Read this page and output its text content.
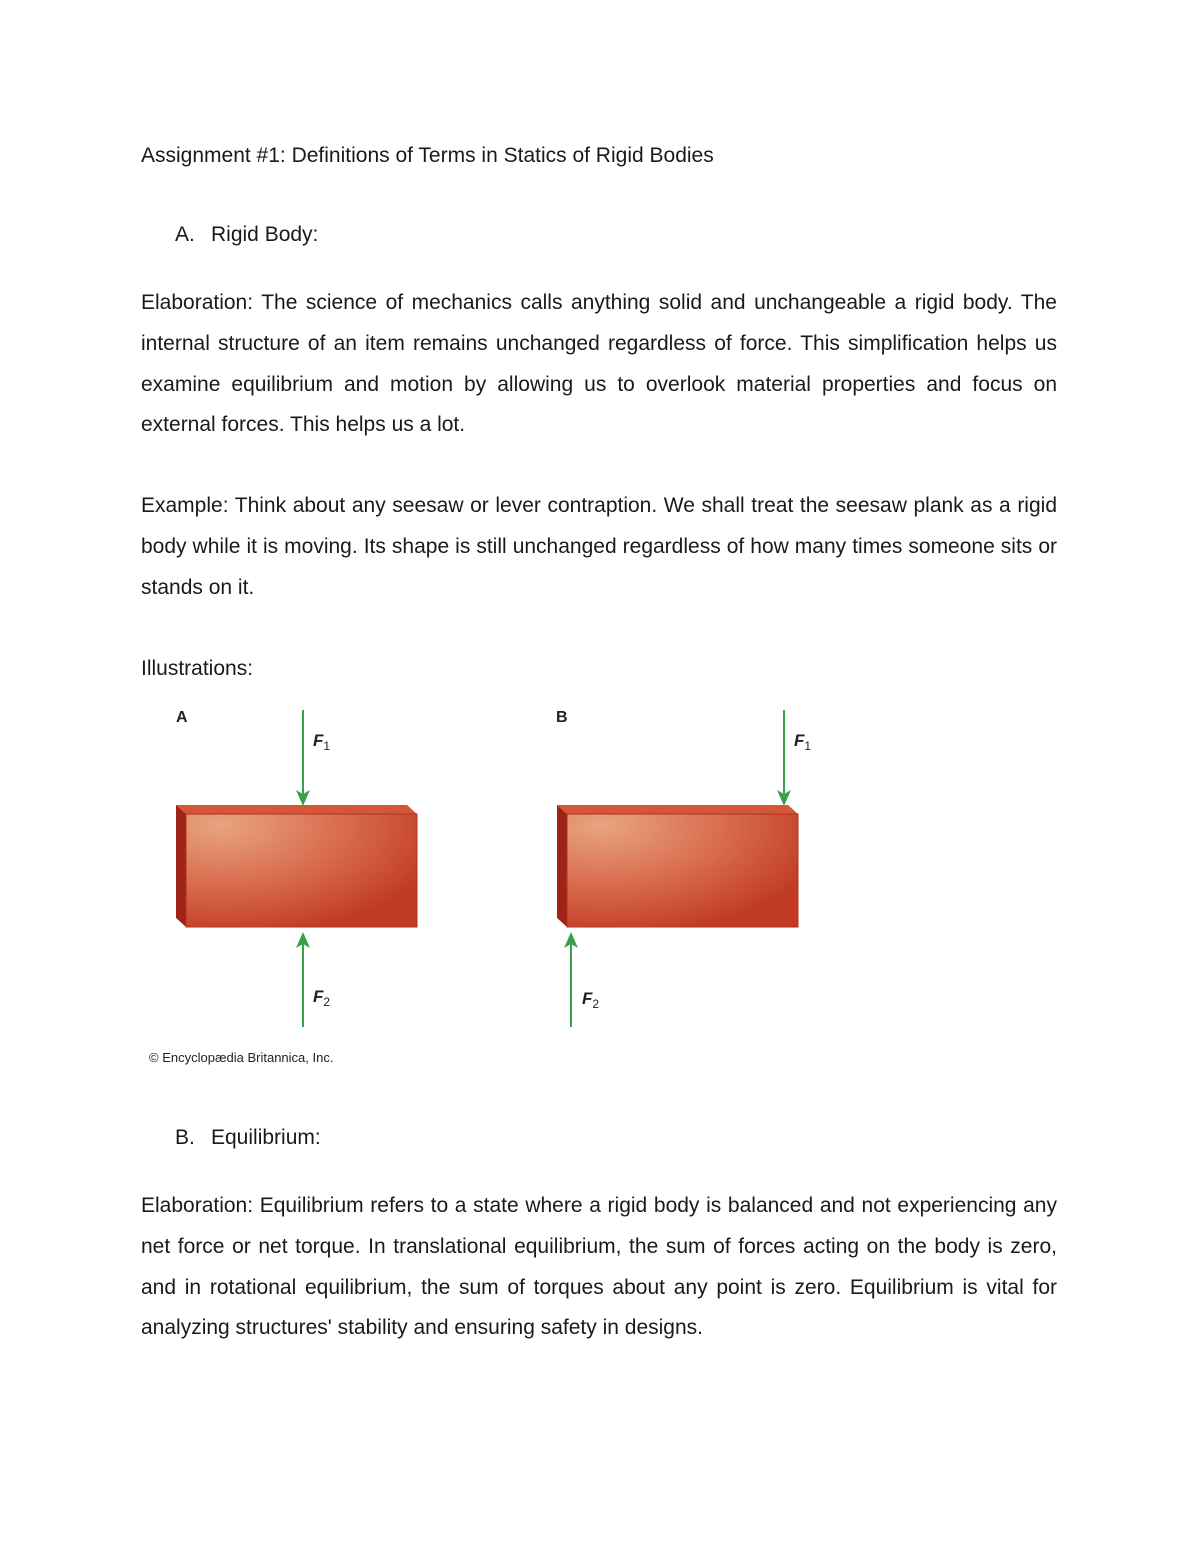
Assignment #1: Definitions of Terms in Statics of Rigid Bodies
A. Rigid Body:
Elaboration: The science of mechanics calls anything solid and unchangeable a rigid body. The internal structure of an item remains unchanged regardless of force. This simplification helps us examine equilibrium and motion by allowing us to overlook material properties and focus on external forces. This helps us a lot.
Example: Think about any seesaw or lever contraption. We shall treat the seesaw plank as a rigid body while it is moving. Its shape is still unchanged regardless of how many times someone sits or stands on it.
Illustrations:
A
$F_1$
$F_2$
B
$F_1$
$F_2$
© Encyclopædia Britannica, Inc.
B. Equilibrium:
Elaboration: Equilibrium refers to a state where a rigid body is balanced and not experiencing any net force or net torque. In translational equilibrium, the sum of forces acting on the body is zero, and in rotational equilibrium, the sum of torques about any point is zero. Equilibrium is vital for analyzing structures' stability and ensuring safety in designs.
